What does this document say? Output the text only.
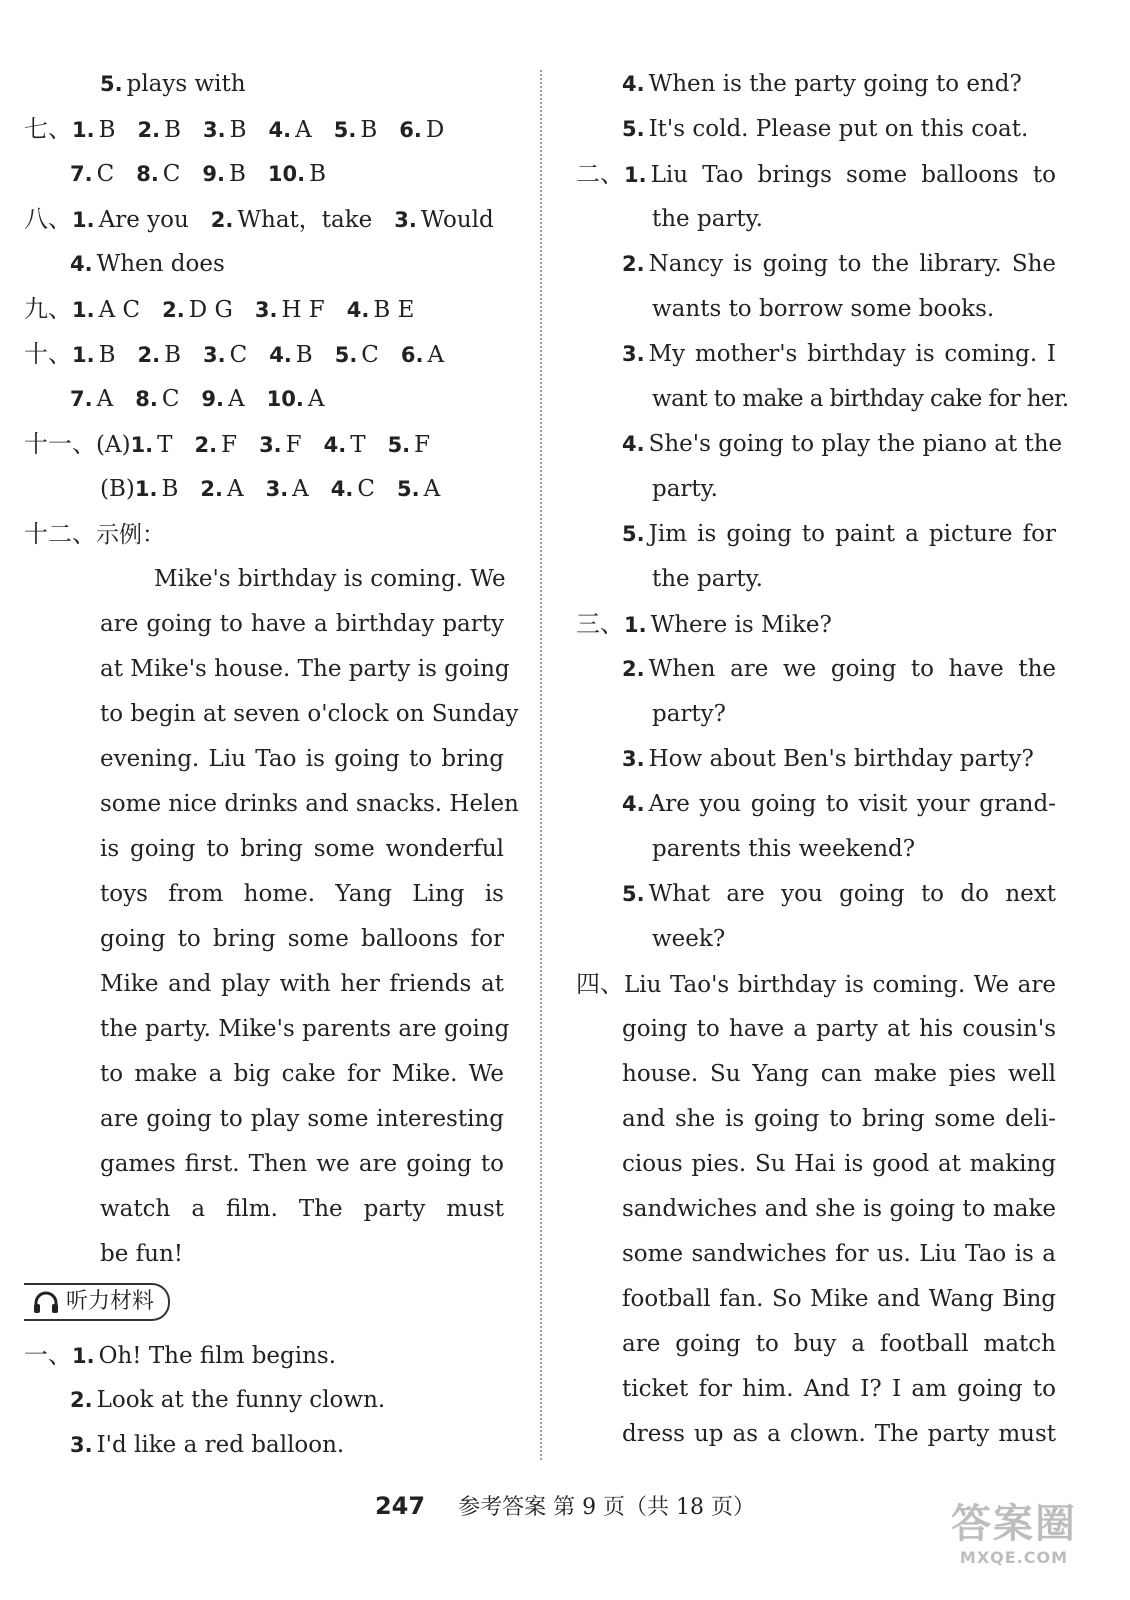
5. plays with
七、1. B 2. B 3. B 4. A 5. B 6. D
7. C 8. C 9. B 10. B
八、1. Are you 2. What，take 3. Would
4. When does
九、1. A C 2. D G 3. H F 4. B E
十、1. B 2. B 3. C 4. B 5. C 6. A
7. A 8. C 9. A 10. A
十一、(A)1. T 2. F 3. F 4. T 5. F
(B)1. B 2. A 3. A 4. C 5. A
十二、示例：
Mike's birthday is coming. We
are going to have a birthday party
at Mike's house. The party is going
to begin at seven o'clock on Sunday
evening. Liu Tao is going to bring
some nice drinks and snacks. Helen
is going to bring some wonderful
toys from home. Yang Ling is
going to bring some balloons for
Mike and play with her friends at
the party. Mike's parents are going
to make a big cake for Mike. We
are going to play some interesting
games first. Then we are going to
watch a film. The party must
be fun!
听力材料
一、1. Oh! The film begins.
2. Look at the funny clown.
3. I'd like a red balloon.
4. When is the party going to end?
5. It's cold. Please put on this coat.
二、1. Liu Tao brings some balloons to
the party.
2. Nancy is going to the library. She
wants to borrow some books.
3. My mother's birthday is coming. I
want to make a birthday cake for her.
4. She's going to play the piano at the
party.
5. Jim is going to paint a picture for
the party.
三、1. Where is Mike?
2. When are we going to have the
party?
3. How about Ben's birthday party?
4. Are you going to visit your grand-
parents this weekend?
5. What are you going to do next
week?
四、Liu Tao's birthday is coming. We are
going to have a party at his cousin's
house. Su Yang can make pies well
and she is going to bring some deli-
cious pies. Su Hai is good at making
sandwiches and she is going to make
some sandwiches for us. Liu Tao is a
football fan. So Mike and Wang Bing
are going to buy a football match
ticket for him. And I? I am going to
dress up as a clown. The party must
247 参考答案 第 9 页（共 18 页）	答案圈
MXQE.COM
